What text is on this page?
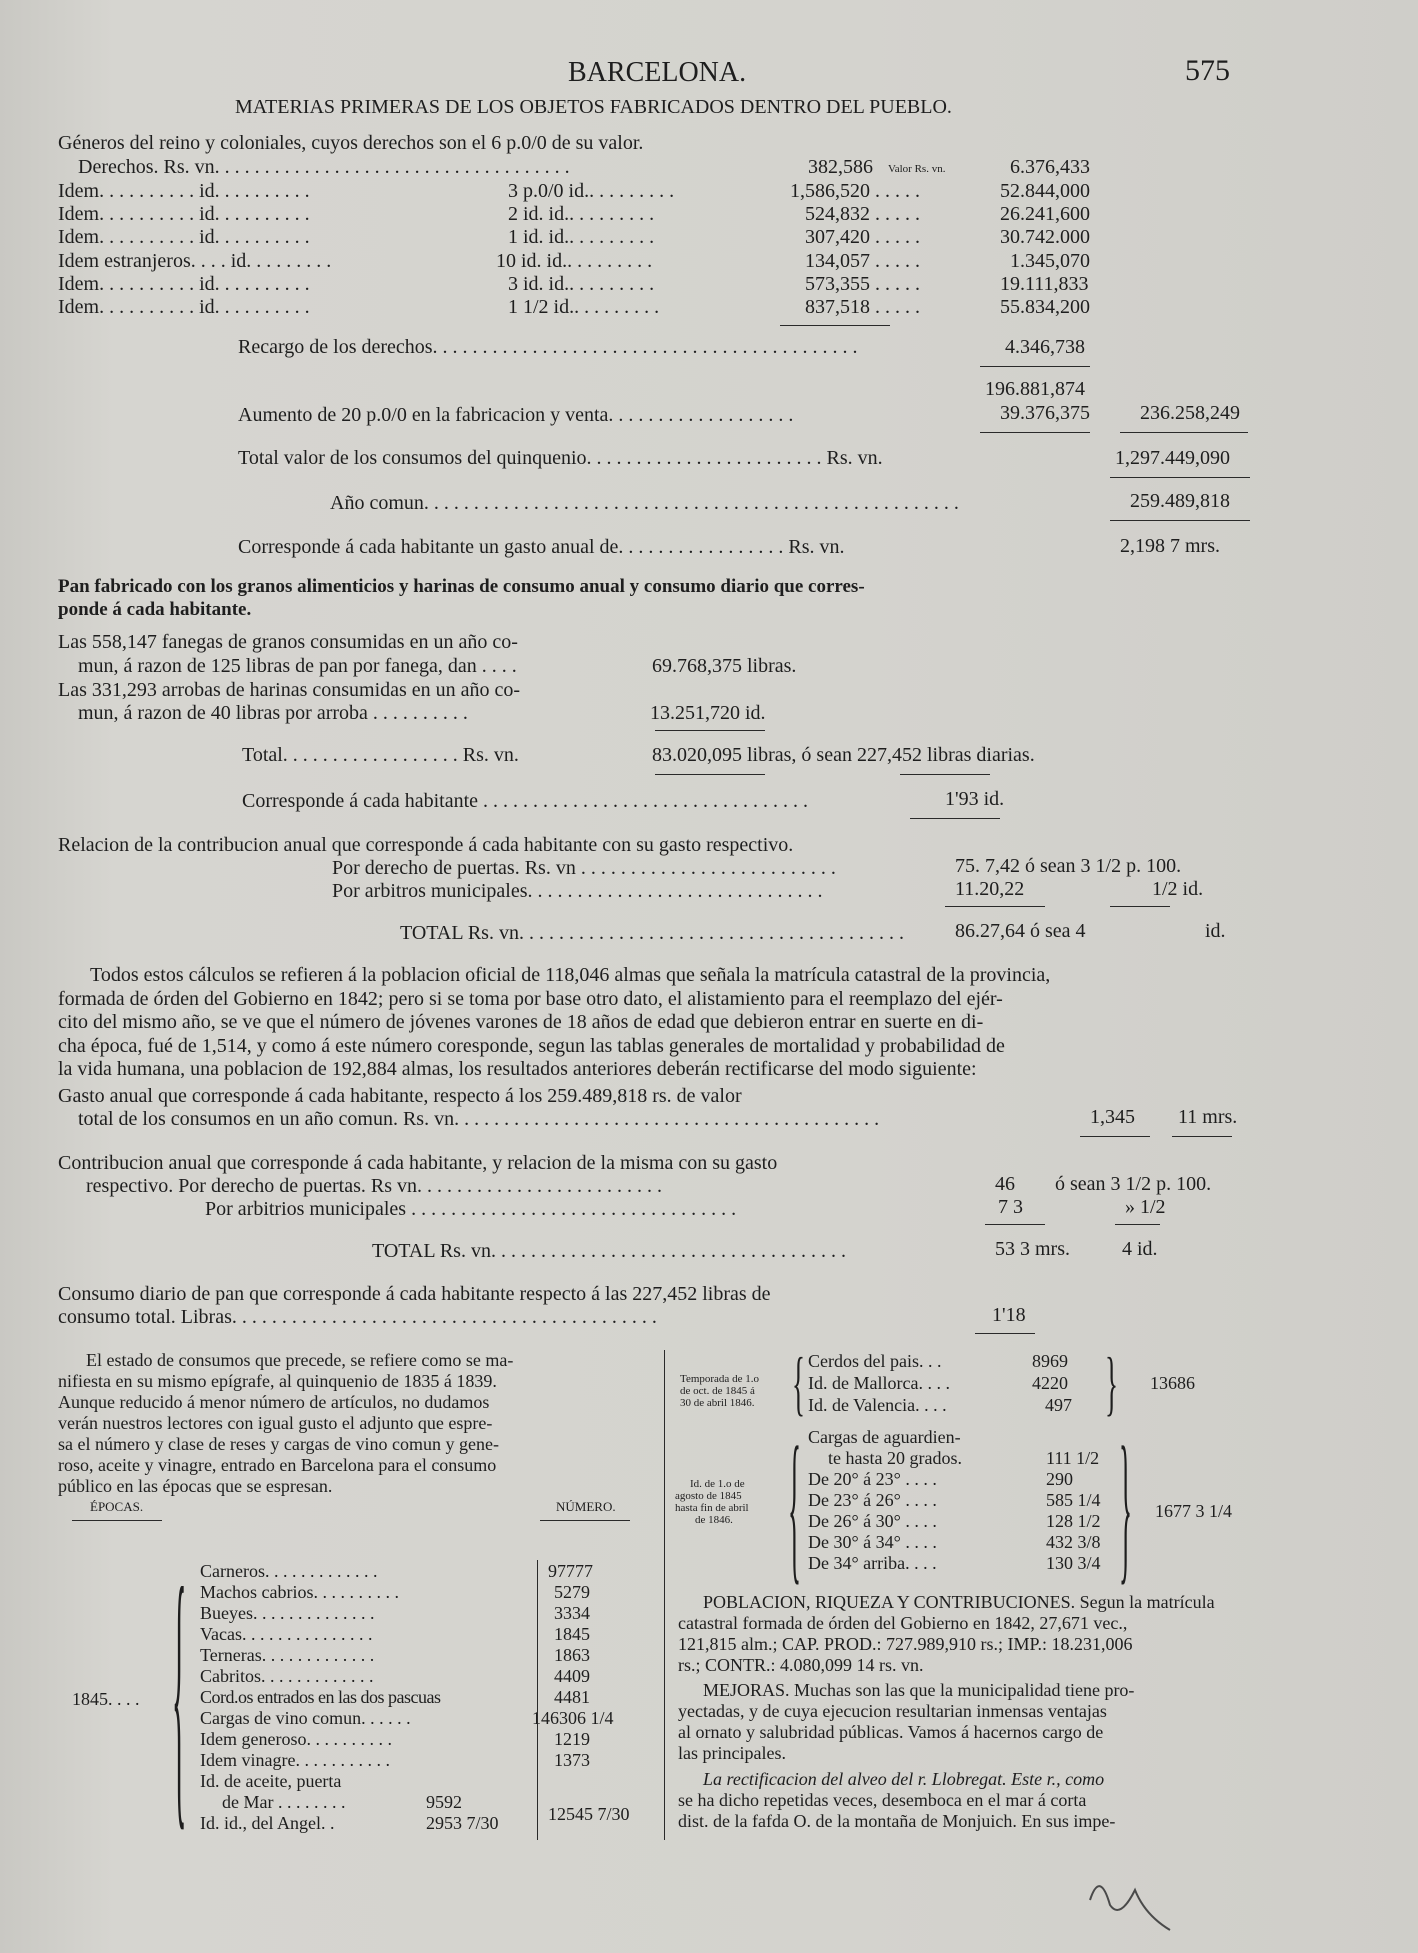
BARCELONA.	575
MATERIAS PRIMERAS DE LOS OBJETOS FABRICADOS DENTRO DEL PUEBLO.
Géneros del reino y coloniales, cuyos derechos son el 6 p.0/0 de su valor.
Derechos. Rs. vn. . . . . . . . . . . . . . . . . . . . . . . . . . . . . . . . . . . .	382,586 Valor Rs. vn.	6.376,433
Idem. . . . . . . . . . id. . . . . . . . . .	3 p.0/0 id.. . . . . . . . .	1,586,520 . . . . .	52.844,000
Idem. . . . . . . . . . id. . . . . . . . . .	2 id. id.. . . . . . . . .	524,832 . . . . .	26.241,600
Idem. . . . . . . . . . id. . . . . . . . . .	1 id. id.. . . . . . . . .	307,420 . . . . .	30.742.000
Idem estranjeros. . . . id. . . . . . . . .	10 id. id.. . . . . . . . .	134,057 . . . . .	1.345,070
Idem. . . . . . . . . . id. . . . . . . . . .	3 id. id.. . . . . . . . .	573,355 . . . . .	19.111,833
Idem. . . . . . . . . . id. . . . . . . . . .	1 1/2 id.. . . . . . . . .	837,518 . . . . .	55.834,200
Recargo de los derechos. . . . . . . . . . . . . . . . . . . . . . . . . . . . . . . . . . . . . . . . . . .	4.346,738
196.881,874
Aumento de 20 p.0/0 en la fabricacion y venta. . . . . . . . . . . . . . . . . . .	39.376,375	236.258,249
Total valor de los consumos del quinquenio. . . . . . . . . . . . . . . . . . . . . . . . Rs. vn.	1,297.449,090
Año comun. . . . . . . . . . . . . . . . . . . . . . . . . . . . . . . . . . . . . . . . . . . . . . . . . . . . . .	259.489,818
Corresponde á cada habitante un gasto anual de. . . . . . . . . . . . . . . . . Rs. vn.	2,198 7 mrs.
Pan fabricado con los granos alimenticios y harinas de consumo anual y consumo diario que corres-
ponde á cada habitante.
Las 558,147 fanegas de granos consumidas en un año co-
mun, á razon de 125 libras de pan por fanega, dan . . . .	69.768,375 libras.
Las 331,293 arrobas de harinas consumidas en un año co-
mun, á razon de 40 libras por arroba . . . . . . . . . .	13.251,720 id.
Total. . . . . . . . . . . . . . . . . . Rs. vn.	83.020,095 libras, ó sean 227,452 libras diarias.
Corresponde á cada habitante . . . . . . . . . . . . . . . . . . . . . . . . . . . . . . . . .	1'93 id.
Relacion de la contribucion anual que corresponde á cada habitante con su gasto respectivo.
Por derecho de puertas. Rs. vn . . . . . . . . . . . . . . . . . . . . . . . . . .	75. 7,42 ó sean 3 1/2 p. 100.
Por arbitros municipales. . . . . . . . . . . . . . . . . . . . . . . . . . . . . .	11.20,22	1/2 id.
TOTAL Rs. vn. . . . . . . . . . . . . . . . . . . . . . . . . . . . . . . . . . . . . . .	86.27,64 ó sea 4	id.
Todos estos cálculos se refieren á la poblacion oficial de 118,046 almas que señala la matrícula catastral de la provincia,
formada de órden del Gobierno en 1842; pero si se toma por base otro dato, el alistamiento para el reemplazo del ejér-
cito del mismo año, se ve que el número de jóvenes varones de 18 años de edad que debieron entrar en suerte en di-
cha época, fué de 1,514, y como á este número coresponde, segun las tablas generales de mortalidad y probabilidad de
la vida humana, una poblacion de 192,884 almas, los resultados anteriores deberán rectificarse del modo siguiente:
Gasto anual que corresponde á cada habitante, respecto á los 259.489,818 rs. de valor
total de los consumos en un año comun. Rs. vn. . . . . . . . . . . . . . . . . . . . . . . . . . . . . . . . . . . . . . . . . . .	1,345 11 mrs.
Contribucion anual que corresponde á cada habitante, y relacion de la misma con su gasto
respectivo. Por derecho de puertas. Rs vn. . . . . . . . . . . . . . . . . . . . . . . . .	46 ó sean 3 1/2 p. 100.
Por arbitrios municipales . . . . . . . . . . . . . . . . . . . . . . . . . . . . . . . . .	7 3	» 1/2
TOTAL Rs. vn. . . . . . . . . . . . . . . . . . . . . . . . . . . . . . . . . . . .	53 3 mrs.	4 id.
Consumo diario de pan que corresponde á cada habitante respecto á las 227,452 libras de
consumo total. Libras. . . . . . . . . . . . . . . . . . . . . . . . . . . . . . . . . . . . . . . . . . .	1'18
El estado de consumos que precede, se refiere como se ma-
nifiesta en su mismo epígrafe, al quinquenio de 1835 á 1839.
Aunque reducido á menor número de artículos, no dudamos
verán nuestros lectores con igual gusto el adjunto que espre-
sa el número y clase de reses y cargas de vino comun y gene-
roso, aceite y vinagre, entrado en Barcelona para el consumo
público en las épocas que se espresan.
ÉPOCAS.	NÚMERO.
1845. . . . { Carneros. . . . . . . . . . . . .	97777
Machos cabrios. . . . . . . . . .	5279
Bueyes. . . . . . . . . . . . . .	3334
Vacas. . . . . . . . . . . . . . .	1845
Terneras. . . . . . . . . . . . .	1863
Cabritos. . . . . . . . . . . . .	4409
Cord.os entrados en las dos pascuas	4481
Cargas de vino comun. . . . . .	146306 1/4
Idem generoso. . . . . . . . . .	1219
Idem vinagre. . . . . . . . . . .	1373
Id. de aceite, puerta
de Mar . . . . . . . .	9592
Id. id., del Angel. .	2953 7/30	12545 7/30
Temporada de 1.o
de oct. de 1845 á
30 de abril 1846. { Cerdos del pais. . .	8969
Id. de Mallorca. . . .	4220
Id. de Valencia. . . .	497 { 13686
Id. de 1.o de
agosto de 1845
hasta fin de abril
de 1846. { Cargas de aguardien-
te hasta 20 grados.	111 1/2
De 20° á 23° . . . .	290
De 23° á 26° . . . .	585 1/4
De 26° á 30° . . . .	128 1/2
De 30° á 34° . . . .	432 3/8
De 34° arriba. . . .	130 3/4 { 1677 3 1/4
POBLACION, RIQUEZA Y CONTRIBUCIONES. Segun la matrícula
catastral formada de órden del Gobierno en 1842, 27,671 vec.,
121,815 alm.; CAP. PROD.: 727.989,910 rs.; IMP.: 18.231,006
rs.; CONTR.: 4.080,099 14 rs. vn.
MEJORAS. Muchas son las que la municipalidad tiene pro-
yectadas, y de cuya ejecucion resultarian inmensas ventajas
al ornato y salubridad públicas. Vamos á hacernos cargo de
las principales.
La rectificacion del alveo del r. Llobregat. Este r., como
se ha dicho repetidas veces, desemboca en el mar á corta
dist. de la fafda O. de la montaña de Monjuich. En sus impe-
